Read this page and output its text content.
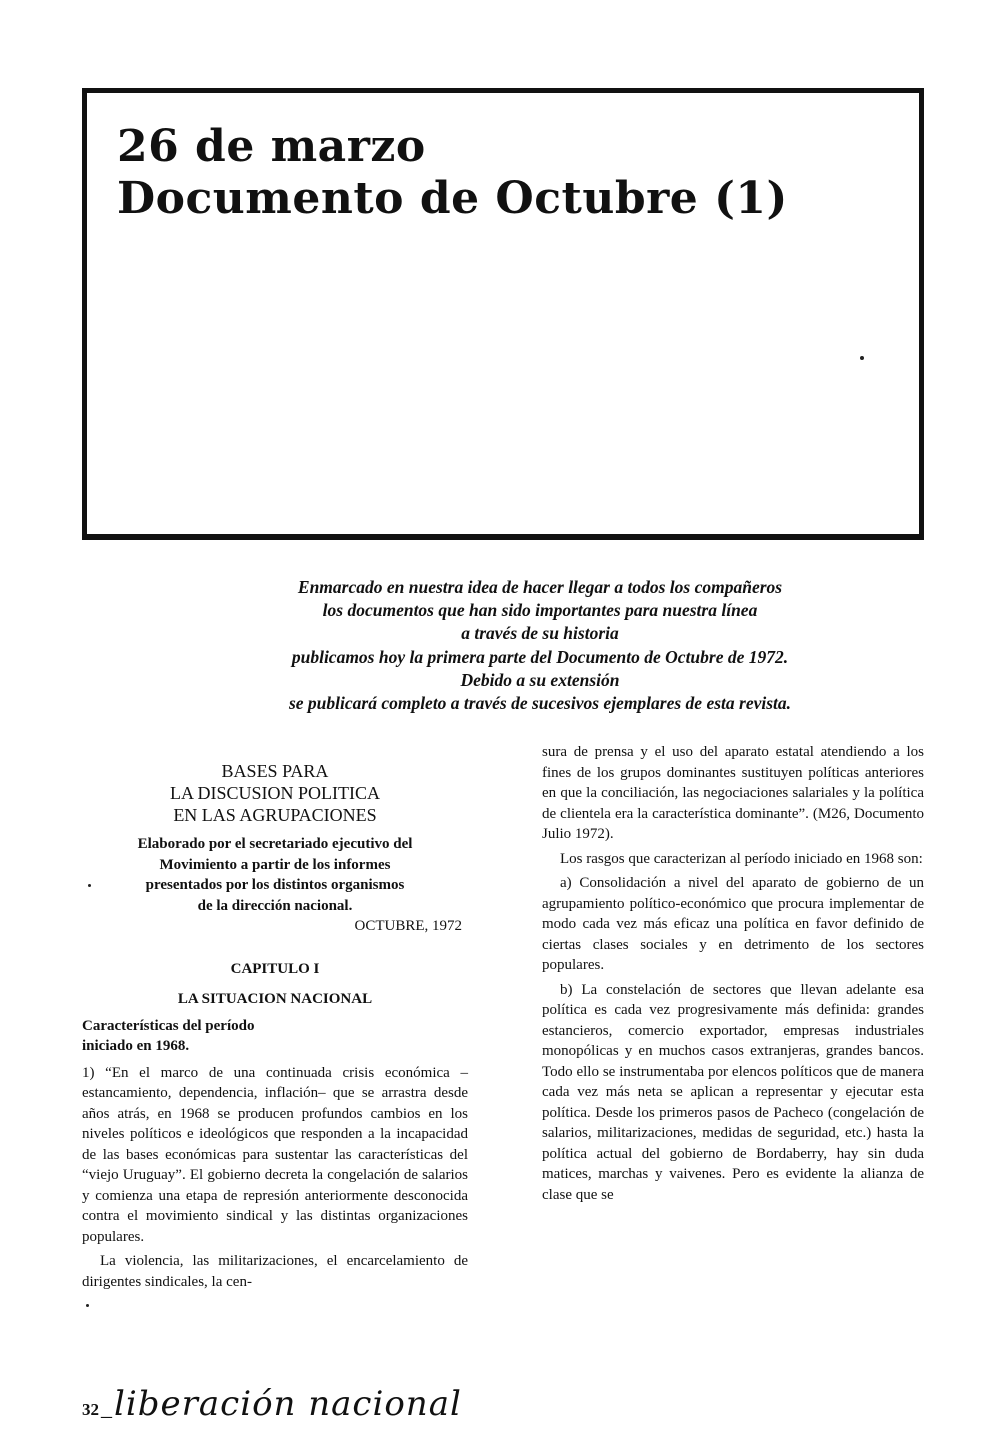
26 de marzo
Documento de Octubre (1)
Enmarcado en nuestra idea de hacer llegar a todos los compañeros
los documentos que han sido importantes para nuestra línea
a través de su historia
publicamos hoy la primera parte del Documento de Octubre de 1972.
Debido a su extensión
se publicará completo a través de sucesivos ejemplares de esta revista.
BASES PARA
LA DISCUSION POLITICA
EN LAS AGRUPACIONES
Elaborado por el secretariado ejecutivo del
Movimiento a partir de los informes
presentados por los distintos organismos
de la dirección nacional.
OCTUBRE, 1972
CAPITULO I
LA SITUACION NACIONAL
Características del período
iniciado en 1968.

1) “En el marco de una continuada crisis económica –estancamiento, dependencia, inflación– que se arrastra desde años atrás, en 1968 se producen profundos cambios en los niveles políticos e ideológicos que responden a la incapacidad de las bases económicas para sustentar las características del “viejo Uruguay”. El gobierno decreta la congelación de salarios y comienza una etapa de represión anteriormente desconocida contra el movimiento sindical y las distintas organizaciones populares.

La violencia, las militarizaciones, el encarcelamiento de dirigentes sindicales, la cen-

sura de prensa y el uso del aparato estatal atendiendo a los fines de los grupos dominantes sustituyen políticas anteriores en que la conciliación, las negociaciones salariales y la política de clientela era la característica dominante”. (M26, Documento Julio 1972).

Los rasgos que caracterizan al período iniciado en 1968 son:

a) Consolidación a nivel del aparato de gobierno de un agrupamiento político-económico que procura implementar de modo cada vez más eficaz una política en favor definido de ciertas clases sociales y en detrimento de los sectores populares.

b) La constelación de sectores que llevan adelante esa política es cada vez progresivamente más definida: grandes estancieros, comercio exportador, empresas industriales monopólicas y en muchos casos extranjeras, grandes bancos. Todo ello se instrumentaba por elencos políticos que de manera cada vez más neta se aplican a representar y ejecutar esta política. Desde los primeros pasos de Pacheco (congelación de salarios, militarizaciones, medidas de seguridad, etc.) hasta la política actual del gobierno de Bordaberry, hay sin duda matices, marchas y vaivenes. Pero es evidente la alianza de clase que se

32 _ liberación nacional
